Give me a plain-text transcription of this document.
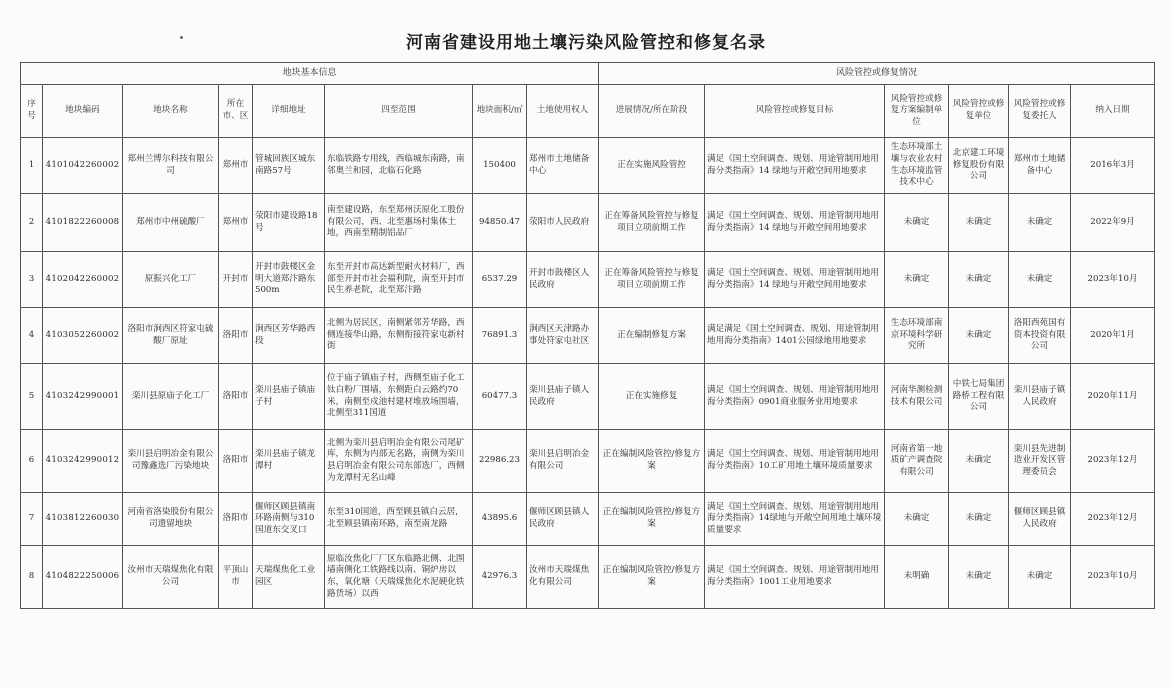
河南省建设用地土壤污染风险管控和修复名录
地块基本信息								风险管控或修复情况					
序号	地块编码	地块名称	所在市、区	详细地址	四至范围	地块面积/㎡	土地使用权人	进展情况/所在阶段	风险管控或修复目标	风险管控或修复方案编制单位	风险管控或修复单位	风险管控或修复委托人	纳入日期
1	4101042260002	郑州兰博尔科技有限公司	郑州市	管城回族区城东南路57号	东临铁路专用线，西临城东南路，南邻奥兰和园，北临石化路	150400	郑州市土地储备中心	正在实施风险管控	满足《国土空间调查、规划、用途管制用地用海分类指南》14 绿地与开敞空间用地要求	生态环境部土壤与农业农村生态环境监管技术中心	北京建工环境修复股份有限公司	郑州市土地储备中心	2016年3月
2	4101822260008	郑州市中州硫酸厂	郑州市	荥阳市建设路18 号	南至建设路，东至郑州沃原化工股份有限公司，西、北至惠场村集体土地，西南至精制铝品厂	94850.47	荥阳市人民政府	正在筹备风险管控与修复项目立项前期工作	满足《国土空间调查、规划、用途管制用地用海分类指南》14 绿地与开敞空间用地要求	未确定	未确定	未确定	2022年9月
3	4102042260002	原振兴化工厂	开封市	开封市鼓楼区金明大道郑汴路东500m	东至开封市高达新型耐火材料厂，西部至开封市社会福利院，南至开封市民生养老院，北至郑汴路	6537.29	开封市鼓楼区人民政府	正在筹备风险管控与修复项目立项前期工作	满足《国土空间调查、规划、用途管制用地用海分类指南》14 绿地与开敞空间用地要求	未确定	未确定	未确定	2023年10月
4	4103052260002	洛阳市涧西区符家屯硫酸厂原址	洛阳市	涧西区芳华路西段	北侧为居民区，南侧紧邻芳华路，西侧连接华山路，东侧衔接符家屯新村街	76891.3	涧西区天津路办事处符家屯社区	正在编制修复方案	满足满足《国土空间调查、规划、用途管制用地用海分类指南》1401公园绿地用地要求	生态环境部南京环境科学研究所	未确定	洛阳西苑国有资本投资有限公司	2020年1月
5	4103242990001	栾川县原庙子化工厂	洛阳市	栾川县庙子镇庙子村	位于庙子镇庙子村，西侧至庙子化工钛白粉厂围墙，东侧距白云路约70米，南侧至戍池村建材堆放场围墙，北侧至311国道	60477.3	栾川县庙子镇人民政府	正在实施修复	满足《国土空间调查、规划、用途管制用地用海分类指南》0901商业服务业用地要求	河南华测检测技术有限公司	中铁七局集团路桥工程有限公司	栾川县庙子镇人民政府	2020年11月
6	4103242990012	栾川县启明冶金有限公司豫鑫选厂污染地块	洛阳市	栾川县庙子镇龙潭村	北侧为栾川县启明冶金有限公司尾矿库，东侧为内部无名路，南侧为栾川县启明冶金有限公司东部选厂，西侧为龙潭村无名山峰	22986.23	栾川县启明冶金有限公司	正在编制风险管控/修复方案	满足《国土空间调查、规划、用途管制用地用海分类指南》10工矿用地土壤环境质量要求	河南省第一地质矿产调查院有限公司	未确定	栾川县先进制造业开发区管理委员会	2023年12月
7	4103812260030	河南省洛染股份有限公司遗留地块	洛阳市	偃师区顾县镇南环路南侧与310国道东交叉口	东至310国道，西至顾县镇白云居，北至顾县镇南环路，南至南龙路	43895.6	偃师区顾县镇人民政府	正在编制风险管控/修复方案	满足《国土空间调查、规划、用途管制用地用海分类指南》14绿地与开敞空间用地土壤环境质量要求	未确定	未确定	偃师区顾县镇人民政府	2023年12月
8	4104822250006	汝州市天瑞煤焦化有限公司	平顶山市	天瑞煤焦化工业园区	原临汝焦化厂厂区东临路北侧、北围墙南侧化工铁路线以南、铜炉房以东，氧化塘（天瑞煤焦化水泥硬化铁路货场）以西	42976.3	汝州市天瑞煤焦化有限公司	正在编制风险管控/修复方案	满足《国土空间调查、规划、用途管制用地用海分类指南》1001工业用地要求	未明确	未确定	未确定	2023年10月
